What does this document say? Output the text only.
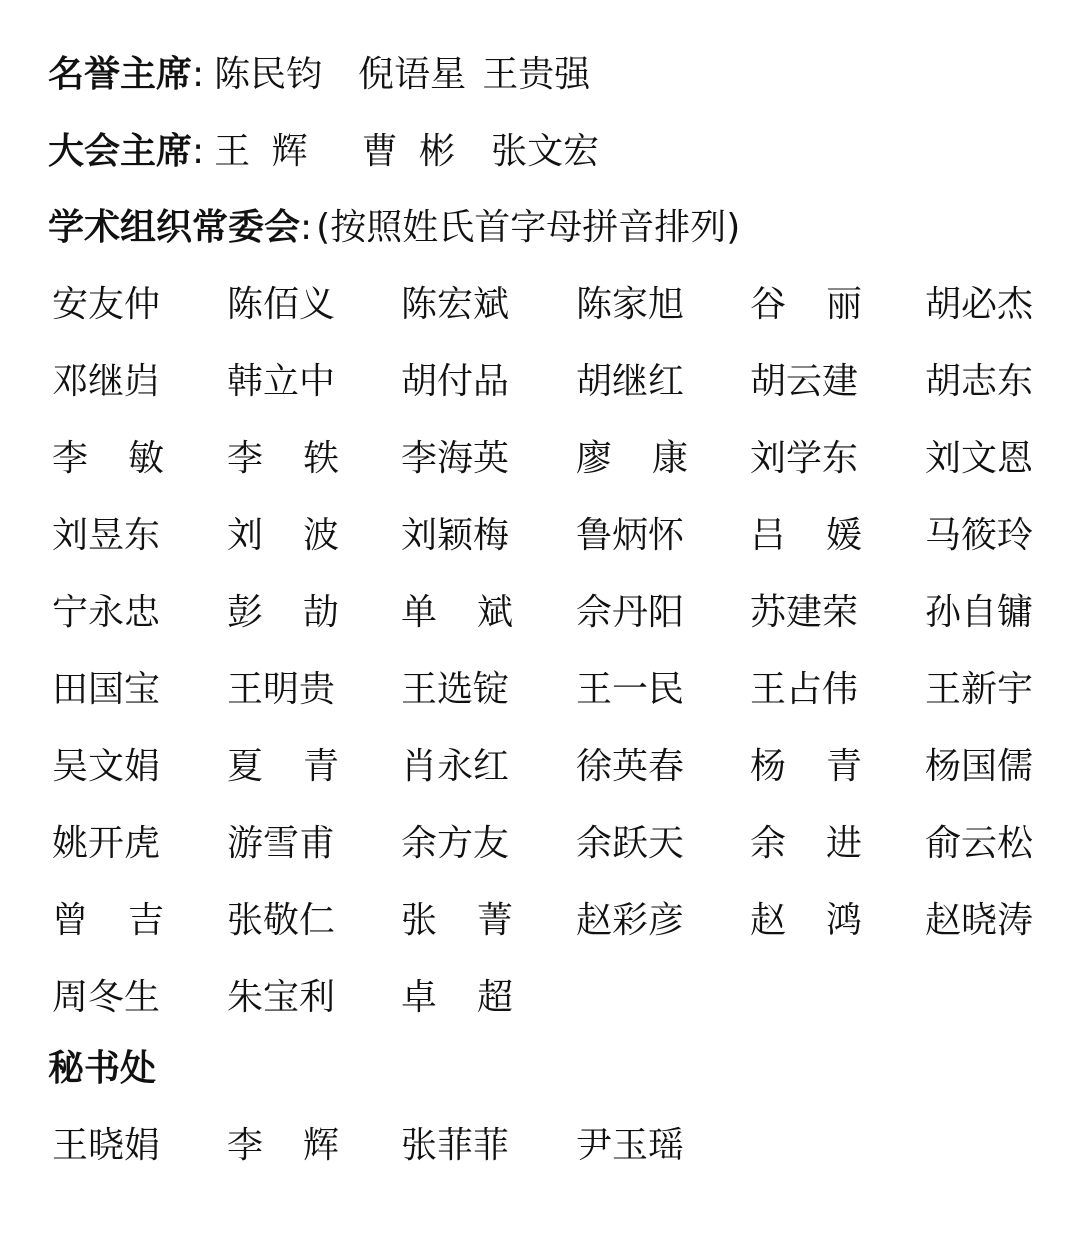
名誉主席: 陈民钧 倪语星 王贵强
大会主席: 王 辉 曹 彬 张文宏
学术组织常委会: (按照姓氏首字母拼音排列)
安友仲 陈佰义 陈宏斌 陈家旭 谷 丽 胡必杰
邓继岿 韩立中 胡付品 胡继红 胡云建 胡志东
李 敏 李 轶 李海英 廖 康 刘学东 刘文恩
刘昱东 刘 波 刘颖梅 鲁炳怀 吕 媛 马筱玲
宁永忠 彭 劼 单 斌 佘丹阳 苏建荣 孙自镛
田国宝 王明贵 王选锭 王一民 王占伟 王新宇
吴文娟 夏 青 肖永红 徐英春 杨 青 杨国儒
姚开虎 游雪甫 余方友 余跃天 余 进 俞云松
曾 吉 张敬仁 张 菁 赵彩彦 赵 鸿 赵晓涛
周冬生 朱宝利 卓 超
秘书处
王晓娟 李 辉 张菲菲 尹玉瑶
